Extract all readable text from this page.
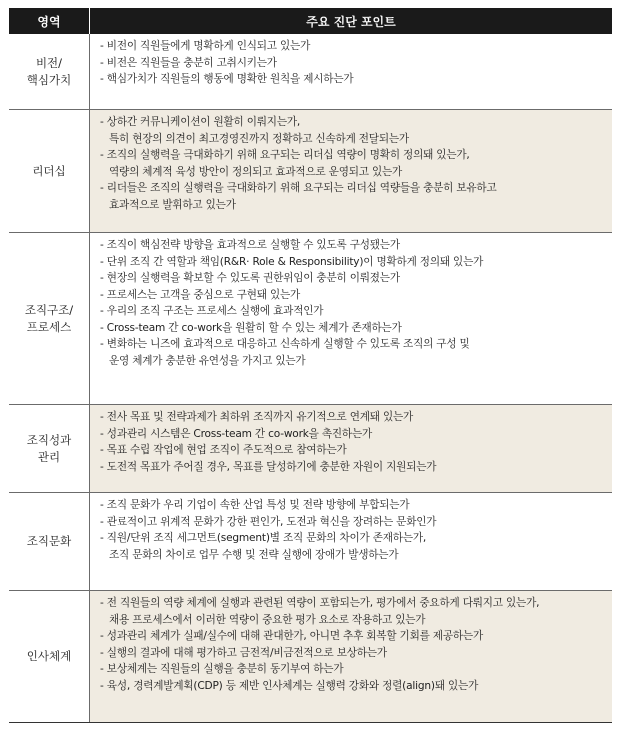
영역	주요 진단 포인트
비전/
핵심가치
- 비전이 직원들에게 명확하게 인식되고 있는가
- 비전은 직원들을 충분히 고취시키는가
- 핵심가치가 직원들의 행동에 명확한 원칙을 제시하는가
리더십
- 상하간 커뮤니케이션이 원활히 이뤄지는가,
특히 현장의 의견이 최고경영진까지 정확하고 신속하게 전달되는가
- 조직의 실행력을 극대화하기 위해 요구되는 리더십 역량이 명확히 정의돼 있는가,
역량의 체계적 육성 방안이 정의되고 효과적으로 운영되고 있는가
- 리더들은 조직의 실행력을 극대화하기 위해 요구되는 리더십 역량들을 충분히 보유하고
효과적으로 발휘하고 있는가
조직구조/
프로세스
- 조직이 핵심전략 방향을 효과적으로 실행할 수 있도록 구성됐는가
- 단위 조직 간 역할과 책임(R&R· Role & Responsibility)이 명확하게 정의돼 있는가
- 현장의 실행력을 확보할 수 있도록 권한위임이 충분히 이뤄졌는가
- 프로세스는 고객을 중심으로 구현돼 있는가
- 우리의 조직 구조는 프로세스 실행에 효과적인가
- Cross-team 간 co-work을 원활히 할 수 있는 체계가 존재하는가
- 변화하는 니즈에 효과적으로 대응하고 신속하게 실행할 수 있도록 조직의 구성 및
운영 체계가 충분한 유연성을 가지고 있는가
조직성과
관리
- 전사 목표 및 전략과제가 최하위 조직까지 유기적으로 연계돼 있는가
- 성과관리 시스템은 Cross-team 간 co-work을 촉진하는가
- 목표 수립 작업에 현업 조직이 주도적으로 참여하는가
- 도전적 목표가 주어질 경우, 목표를 달성하기에 충분한 자원이 지원되는가
조직문화
- 조직 문화가 우리 기업이 속한 산업 특성 및 전략 방향에 부합되는가
- 관료적이고 위계적 문화가 강한 편인가, 도전과 혁신을 장려하는 문화인가
- 직원/단위 조직 세그먼트(segment)별 조직 문화의 차이가 존재하는가,
조직 문화의 차이로 업무 수행 및 전략 실행에 장애가 발생하는가
인사체계
- 전 직원들의 역량 체계에 실행과 관련된 역량이 포함되는가, 평가에서 중요하게 다뤄지고 있는가,
채용 프로세스에서 이러한 역량이 중요한 평가 요소로 작용하고 있는가
- 성과관리 체계가 실패/실수에 대해 관대한가, 아니면 추후 회복할 기회를 제공하는가
- 실행의 결과에 대해 평가하고 금전적/비금전적으로 보상하는가
- 보상체계는 직원들의 실행을 충분히 동기부여 하는가
- 육성, 경력계발계획(CDP) 등 제반 인사체계는 실행력 강화와 정렬(align)돼 있는가
